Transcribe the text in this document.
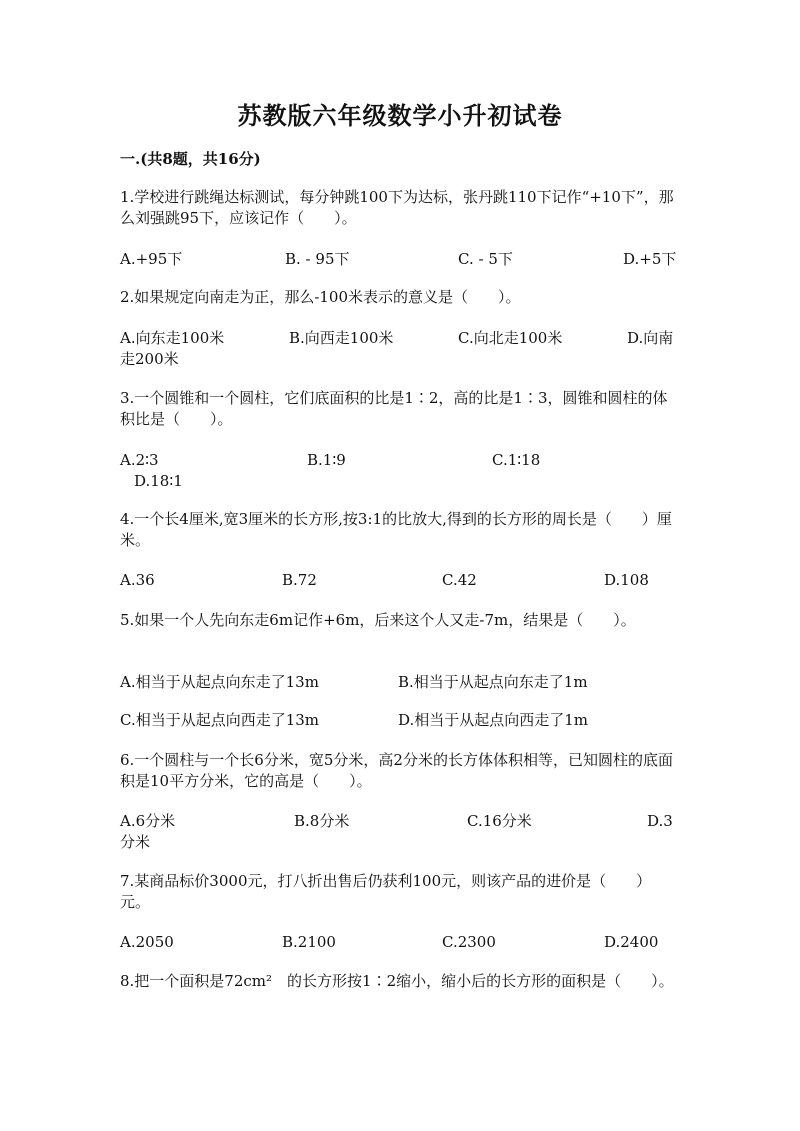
苏教版六年级数学小升初试卷
一.(共8题，共16分)
1.学校进行跳绳达标测试，每分钟跳100下为达标，张丹跳110下记作“+10下”，那么刘强跳95下，应该记作（　　）。
A.+95下	B. - 95下	C. - 5下	D.+5下
2.如果规定向南走为正，那么-100米表示的意义是（　　）。
A.向东走100米	B.向西走100米	C.向北走100米	D.向南
走200米
3.一个圆锥和一个圆柱，它们底面积的比是1∶2，高的比是1∶3，圆锥和圆柱的体积比是（　　）。
A.2∶3	B.1∶9	C.1∶18
D.18∶1
4.一个长4厘米,宽3厘米的长方形,按3:1的比放大,得到的长方形的周长是（　　）厘米。
A.36	B.72	C.42	D.108
5.如果一个人先向东走6m记作+6m，后来这个人又走-7m，结果是（　　）。
A.相当于从起点向东走了13m	B.相当于从起点向东走了1m
C.相当于从起点向西走了13m	D.相当于从起点向西走了1m
6.一个圆柱与一个长6分米，宽5分米，高2分米的长方体体积相等，已知圆柱的底面积是10平方分米，它的高是（　　）。
A.6分米	B.8分米	C.16分米	D.3
分米
7.某商品标价3000元，打八折出售后仍获利100元，则该产品的进价是（　　）元。
A.2050	B.2100	C.2300	D.2400
8.把一个面积是72cm²　的长方形按1∶2缩小，缩小后的长方形的面积是（　　）。
